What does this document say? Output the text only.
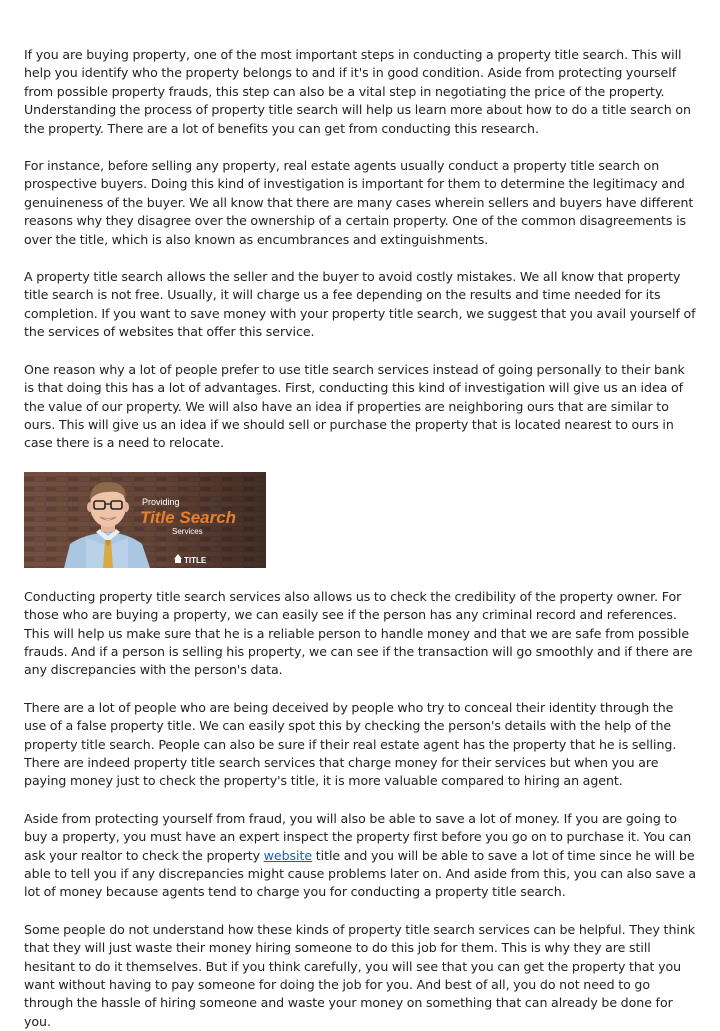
If you are buying property, one of the most important steps in conducting a property title search. This will help you identify who the property belongs to and if it's in good condition. Aside from protecting yourself from possible property frauds, this step can also be a vital step in negotiating the price of the property. Understanding the process of property title search will help us learn more about how to do a title search on the property. There are a lot of benefits you can get from conducting this research.

For instance, before selling any property, real estate agents usually conduct a property title search on prospective buyers. Doing this kind of investigation is important for them to determine the legitimacy and genuineness of the buyer. We all know that there are many cases wherein sellers and buyers have different reasons why they disagree over the ownership of a certain property. One of the common disagreements is over the title, which is also known as encumbrances and extinguishments.

A property title search allows the seller and the buyer to avoid costly mistakes. We all know that property title search is not free. Usually, it will charge us a fee depending on the results and time needed for its completion. If you want to save money with your property title search, we suggest that you avail yourself of the services of websites that offer this service.

One reason why a lot of people prefer to use title search services instead of going personally to their bank is that doing this has a lot of advantages. First, conducting this kind of investigation will give us an idea of the value of our property. We will also have an idea if properties are neighboring ours that are similar to ours. This will give us an idea if we should sell or purchase the property that is located nearest to ours in case there is a need to relocate.

Providing
Title Search
Services
TITLE

Conducting property title search services also allows us to check the credibility of the property owner. For those who are buying a property, we can easily see if the person has any criminal record and references. This will help us make sure that he is a reliable person to handle money and that we are safe from possible frauds. And if a person is selling his property, we can see if the transaction will go smoothly and if there are any discrepancies with the person's data.

There are a lot of people who are being deceived by people who try to conceal their identity through the use of a false property title. We can easily spot this by checking the person's details with the help of the property title search. People can also be sure if their real estate agent has the property that he is selling. There are indeed property title search services that charge money for their services but when you are paying money just to check the property's title, it is more valuable compared to hiring an agent.

Aside from protecting yourself from fraud, you will also be able to save a lot of money. If you are going to buy a property, you must have an expert inspect the property first before you go on to purchase it. You can ask your realtor to check the property website title and you will be able to save a lot of time since he will be able to tell you if any discrepancies might cause problems later on. And aside from this, you can also save a lot of money because agents tend to charge you for conducting a property title search.

Some people do not understand how these kinds of property title search services can be helpful. They think that they will just waste their money hiring someone to do this job for them. This is why they are still hesitant to do it themselves. But if you think carefully, you will see that you can get the property that you want without having to pay someone for doing the job for you. And best of all, you do not need to go through the hassle of hiring someone and waste your money on something that can already be done for you.
